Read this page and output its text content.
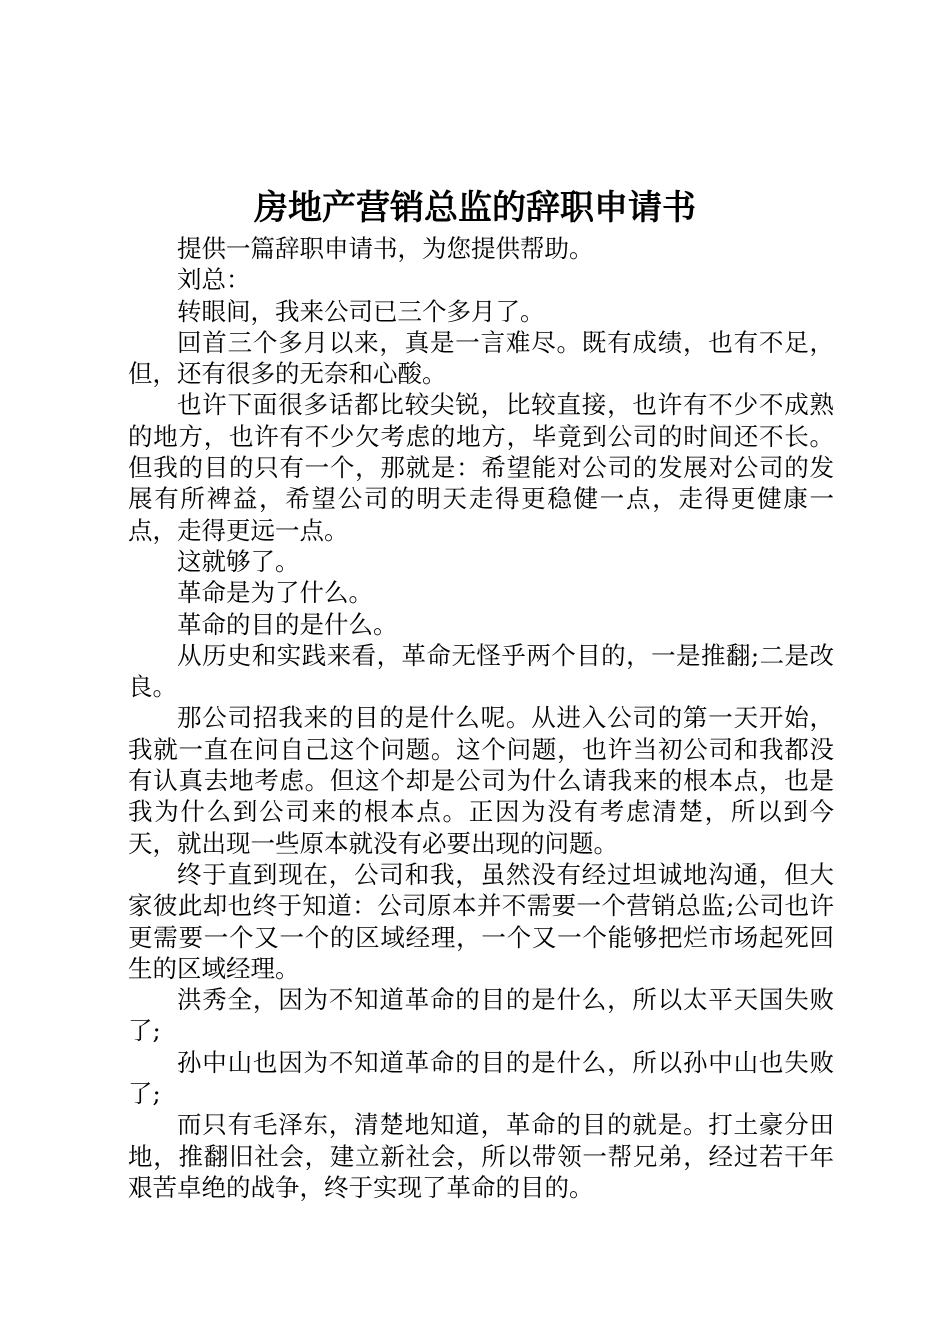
房地产营销总监的辞职申请书

提供一篇辞职申请书，为您提供帮助。

刘总：

转眼间，我来公司已三个多月了。

回首三个多月以来，真是一言难尽。既有成绩，也有不足，但，还有很多的无奈和心酸。

也许下面很多话都比较尖锐，比较直接，也许有不少不成熟的地方，也许有不少欠考虑的地方，毕竟到公司的时间还不长。但我的目的只有一个，那就是：希望能对公司的发展对公司的发展有所裨益，希望公司的明天走得更稳健一点，走得更健康一点，走得更远一点。

这就够了。

革命是为了什么。

革命的目的是什么。

从历史和实践来看，革命无怪乎两个目的，一是推翻;二是改良。

那公司招我来的目的是什么呢。从进入公司的第一天开始，我就一直在问自己这个问题。这个问题，也许当初公司和我都没有认真去地考虑。但这个却是公司为什么请我来的根本点，也是我为什么到公司来的根本点。正因为没有考虑清楚，所以到今天，就出现一些原本就没有必要出现的问题。

终于直到现在，公司和我，虽然没有经过坦诚地沟通，但大家彼此却也终于知道：公司原本并不需要一个营销总监;公司也许更需要一个又一个的区域经理，一个又一个能够把烂市场起死回生的区域经理。

洪秀全，因为不知道革命的目的是什么，所以太平天国失败了;

孙中山也因为不知道革命的目的是什么，所以孙中山也失败了;

而只有毛泽东，清楚地知道，革命的目的就是。打土豪分田地，推翻旧社会，建立新社会，所以带领一帮兄弟，经过若干年艰苦卓绝的战争，终于实现了革命的目的。
